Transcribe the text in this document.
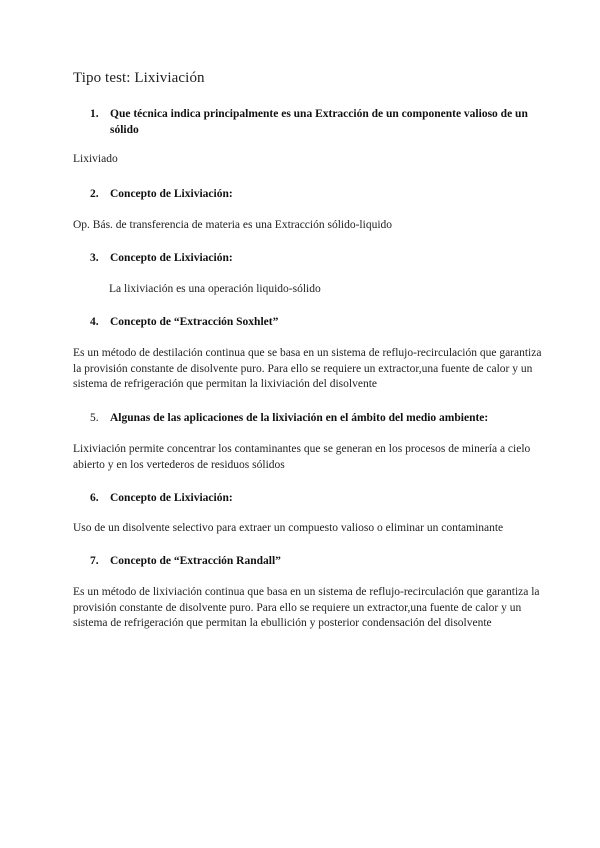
Tipo test: Lixiviación
1. Que técnica indica principalmente es una Extracción de un componente valioso de un sólido
Lixiviado
2. Concepto de Lixiviación:
Op. Bás. de transferencia de materia es una Extracción sólido-liquido
3. Concepto de Lixiviación:
La lixiviación es una operación liquido-sólido
4. Concepto de “Extracción Soxhlet”
Es un método de destilación continua que se basa en un sistema de reflujo-recirculación que garantiza la provisión constante de disolvente puro. Para ello se requiere un extractor,una fuente de calor y un sistema de refrigeración que permitan la lixiviación del disolvente
5. Algunas de las aplicaciones de la lixiviación en el ámbito del medio ambiente:
Lixiviación permite concentrar los contaminantes que se generan en los procesos de minería a cielo abierto y en los vertederos de residuos sólidos
6. Concepto de Lixiviación:
Uso de un disolvente selectivo para extraer un compuesto valioso o eliminar un contaminante
7. Concepto de “Extracción Randall”
Es un método de lixiviación continua que basa en un sistema de reflujo-recirculación que garantiza la provisión constante de disolvente puro. Para ello se requiere un extractor,una fuente de calor y un sistema de refrigeración que permitan la ebullición y posterior condensación del disolvente
